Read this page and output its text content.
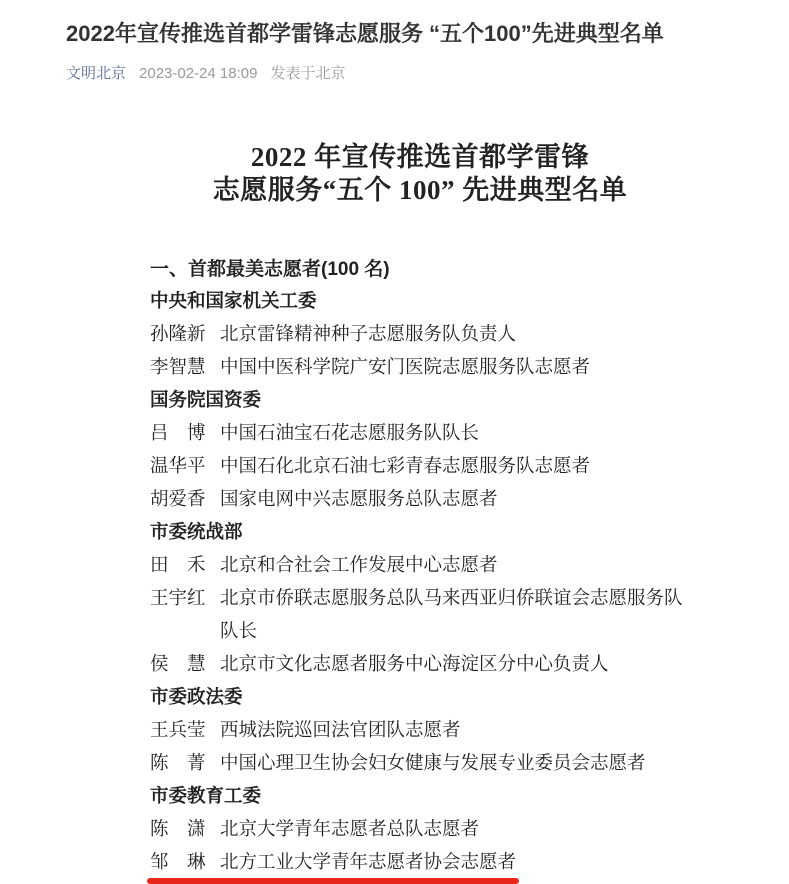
2022年宣传推选首都学雷锋志愿服务 “五个100”先进典型名单
文明北京 2023-02-24 18:09 发表于北京
2022 年宣传推选首都学雷锋
志愿服务“五个 100” 先进典型名单
一、首都最美志愿者(100 名)
中央和国家机关工委
孙隆新 北京雷锋精神种子志愿服务队负责人
李智慧 中国中医科学院广安门医院志愿服务队志愿者
国务院国资委
吕　博 中国石油宝石花志愿服务队队长
温华平 中国石化北京石油七彩青春志愿服务队志愿者
胡爱香 国家电网中兴志愿服务总队志愿者
市委统战部
田　禾 北京和合社会工作发展中心志愿者
王宇红 北京市侨联志愿服务总队马来西亚归侨联谊会志愿服务队队长
侯　慧 北京市文化志愿者服务中心海淀区分中心负责人
市委政法委
王兵莹 西城法院巡回法官团队志愿者
陈　菁 中国心理卫生协会妇女健康与发展专业委员会志愿者
市委教育工委
陈　潇 北京大学青年志愿者总队志愿者
邹　琳 北方工业大学青年志愿者协会志愿者
